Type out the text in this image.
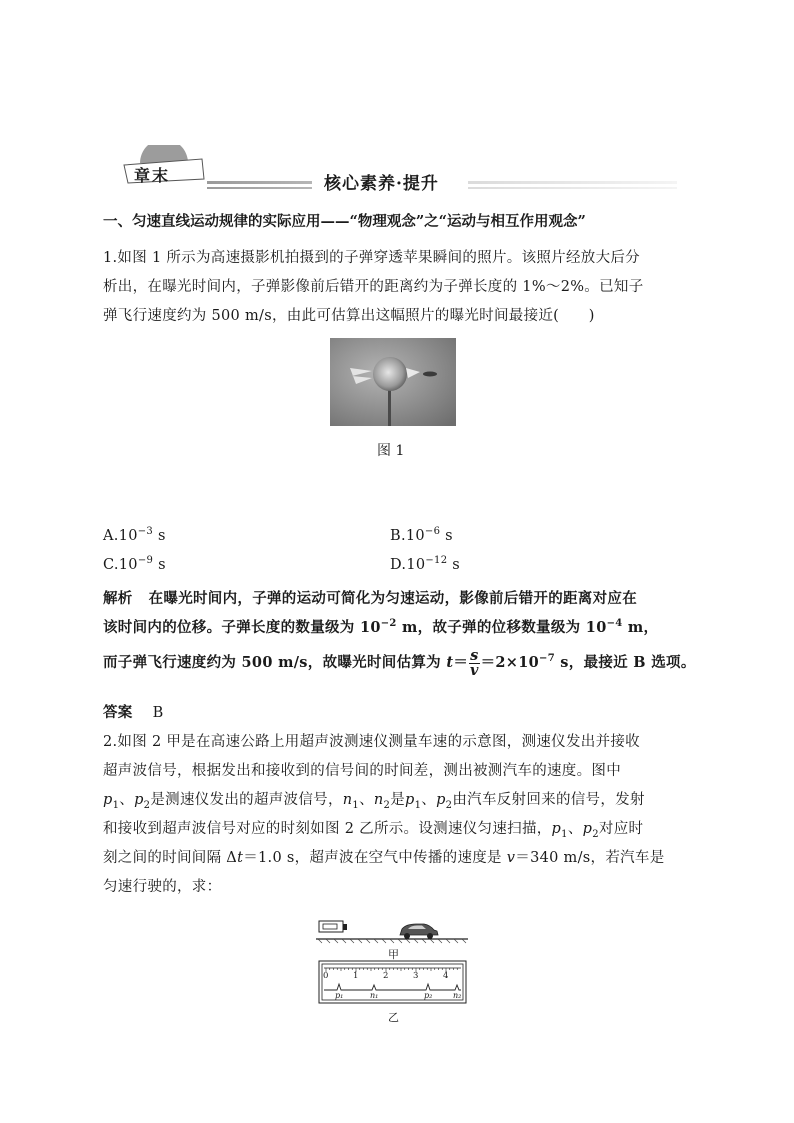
章末	核心素养·提升
一、匀速直线运动规律的实际应用——“物理观念”之“运动与相互作用观念”
1.如图 1 所示为高速摄影机拍摄到的子弹穿透苹果瞬间的照片。该照片经放大后分
析出，在曝光时间内，子弹影像前后错开的距离约为子弹长度的 1%～2%。已知子
弹飞行速度约为 500 m/s，由此可估算出这幅照片的曝光时间最接近(　　)
图 1
$A.10^{-3}$ s	$B.10^{-6}$ s
$C.10^{-9}$ s	$D.10^{-12}$ s
解析 在曝光时间内，子弹的运动可简化为匀速运动，影像前后错开的距离对应在
该时间内的位移。子弹长度的数量级为 $10^{-2}$ m，故子弹的位移数量级为 $10^{-4}$ m，
而子弹飞行速度约为 500 m/s，故曝光时间估算为 $t= \frac{s}{v} =2\times 10^{-7}$ s，最接近 B 选项。
答案 B
2.如图 2 甲是在高速公路上用超声波测速仪测量车速的示意图，测速仪发出并接收
超声波信号，根据发出和接收到的信号间的时间差，测出被测汽车的速度。图中
$p_1$、$p_2$是测速仪发出的超声波信号，$n_1$、$n_2$是$p_1$、$p_2$由汽车反射回来的信号，发射
和接收到超声波信号对应的时刻如图 2 乙所示。设测速仪匀速扫描，$p_1$、$p_2$对应时
刻之间的时间间隔 Δt＝1.0 s，超声波在空气中传播的速度是 v＝340 m/s，若汽车是
匀速行驶的，求：
甲
0	1	2	3	4
p₁	n₁	p₂	n₂
乙
